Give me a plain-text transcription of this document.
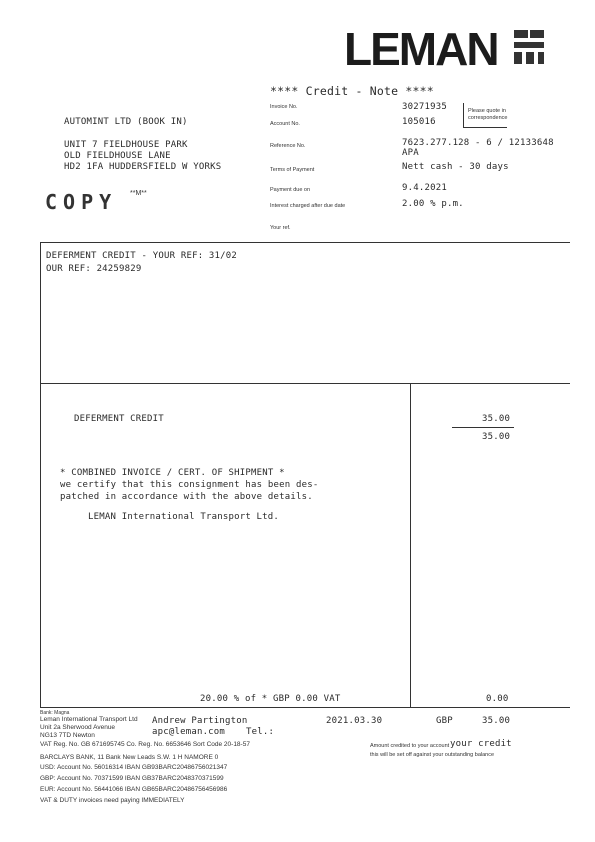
LEMAN
**** Credit - Note ****
Invoice No.	30271935
Account No.	105016
Please quote in correspondence
Reference No.	7623.277.128 - 6 / 12133648
APA
Terms of Payment	Nett cash - 30 days
Payment due on	9.4.2021
Interest charged after due date	2.00 % p.m.
Your ref.
AUTOMINT LTD (BOOK IN)
UNIT 7 FIELDHOUSE PARK
OLD FIELDHOUSE LANE
HD2 1FA HUDDERSFIELD W YORKS
COPY **M**
DEFERMENT CREDIT - YOUR REF: 31/02
OUR REF: 24259829
DEFERMENT CREDIT	35.00
35.00
* COMBINED INVOICE / CERT. OF SHIPMENT *
we certify that this consignment has been des-
patched in accordance with the above details.
LEMAN International Transport Ltd.
20.00 % of * GBP 0.00 VAT	0.00
Bank: Magna
Leman International Transport Ltd
Unit 2a Sherwood Avenue
NG13 7TD Newton
VAT Reg. No. GB 671695745 Co. Reg. No. 6653646 Sort Code 20-18-57
Andrew Partington
apc@leman.com Tel.:
2021.03.30	GBP	35.00
Amount credited to your account your credit
this will be set off against your outstanding balance
BARCLAYS BANK, 11 Bank New Leads S.W. 1 H NAMORE 0
USD: Account No. 56016314 IBAN GB93BARC20486756021347
GBP: Account No. 70371599 IBAN GB37BARC2048370371599
EUR: Account No. 56441066 IBAN GB65BARC20486756456986
VAT & DUTY invoices need paying IMMEDIATELY
